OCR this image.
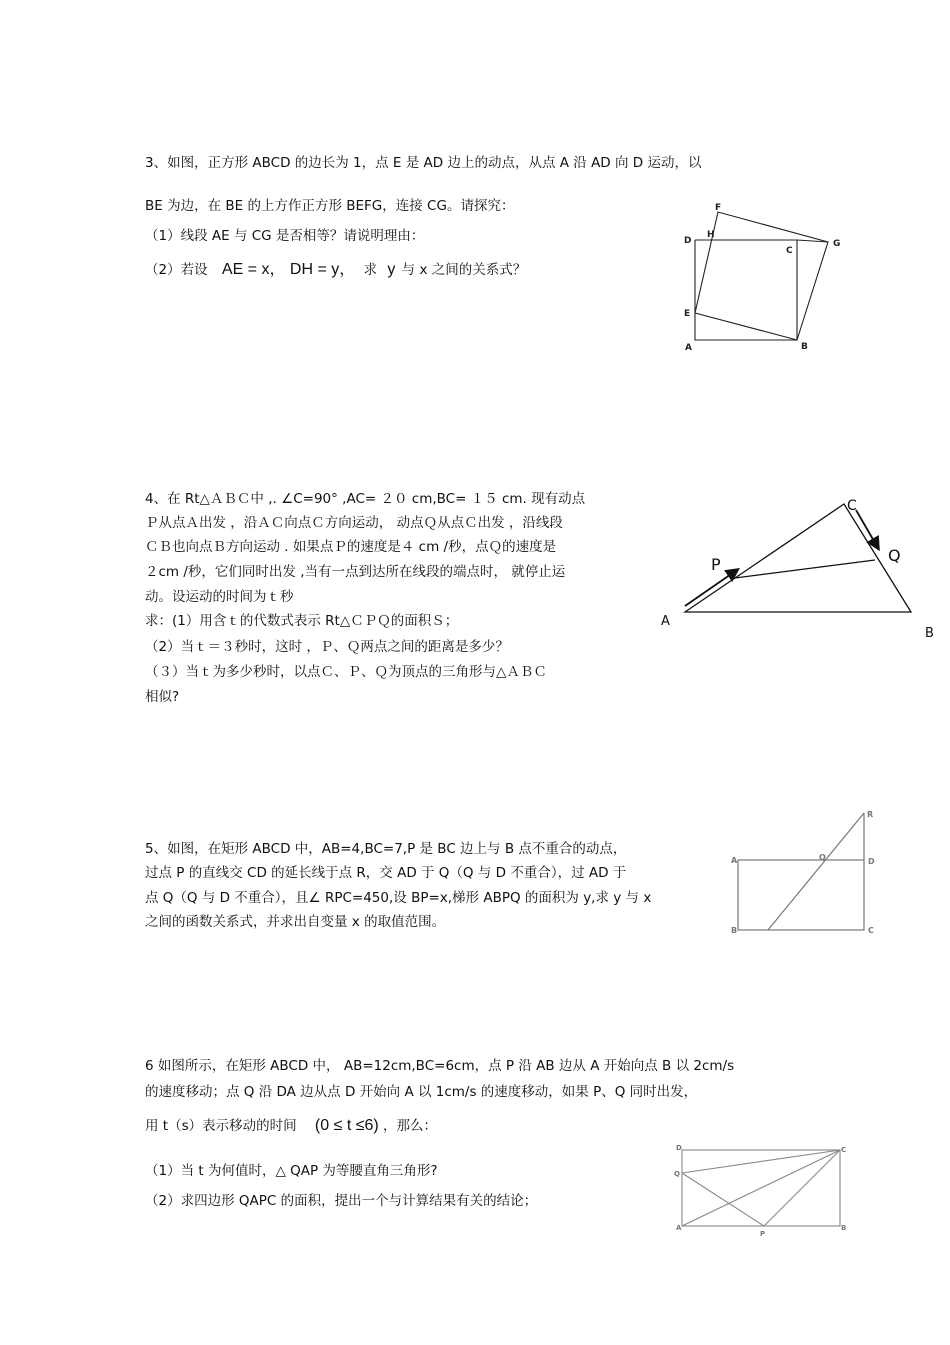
3、如图，正方形 ABCD 的边长为 1，点 E 是 AD 边上的动点，从点 A 沿 AD 向 D 运动，以
BE 为边，在 BE 的上方作正方形 BEFG，连接 CG。请探究：
（1）线段 AE 与 CG 是否相等？请说明理由：
（2）若设 AE = x， DH = y， 求 y 与 x 之间的关系式？
F
H
D
C
G
E
A	B
4、在 Rt△ＡＢＣ中 ,. ∠C=90° ,AC= ２０ cm,BC= １５ cm. 现有动点
Ｐ从点Ａ出发 ，沿ＡＣ向点Ｃ方向运动， 动点Ｑ从点Ｃ出发 ，沿线段
ＣＢ也向点Ｂ方向运动 . 如果点Ｐ的速度是４ cm /秒，点Ｑ的速度是
２cm /秒，它们同时出发 ,当有一点到达所在线段的端点时， 就停止运
动。设运动的时间为ｔ秒
求：(1）用含ｔ的代数式表示 Rt△ＣＰＱ的面积Ｓ；
（2）当ｔ＝３秒时，这时 ，Ｐ、Ｑ两点之间的距离是多少？
（３）当ｔ为多少秒时，以点Ｃ、Ｐ、Ｑ为顶点的三角形与△ＡＢＣ
相似?
C
P	Q
A
B
5、如图，在矩形 ABCD 中，AB=4,BC=7,P 是 BC 边上与 B 点不重合的动点，
过点 P 的直线交 CD 的延长线于点 R，交 AD 于 Q（Q 与 D 不重合），过 AD 于
点 Q（Q 与 D 不重合），且∠ RPC=450,设 BP=x,梯形 ABPQ 的面积为 y,求 y 与 x
之间的函数关系式，并求出自变量 x 的取值范围。
R
A	Q	D
B	C
6 如图所示，在矩形 ABCD 中， AB=12cm,BC=6cm，点 P 沿 AB 边从 A 开始向点 B 以 2cm/s
的速度移动；点 Q 沿 DA 边从点 D 开始向 A 以 1cm/s 的速度移动，如果 P、Q 同时出发，
用 t（s）表示移动的时间 (0 ≤ t ≤6) ，那么：
（1）当 t 为何值时，△ QAP 为等腰直角三角形?
（2）求四边形 QAPC 的面积，提出一个与计算结果有关的结论；
D	C
Q
A
P
B
